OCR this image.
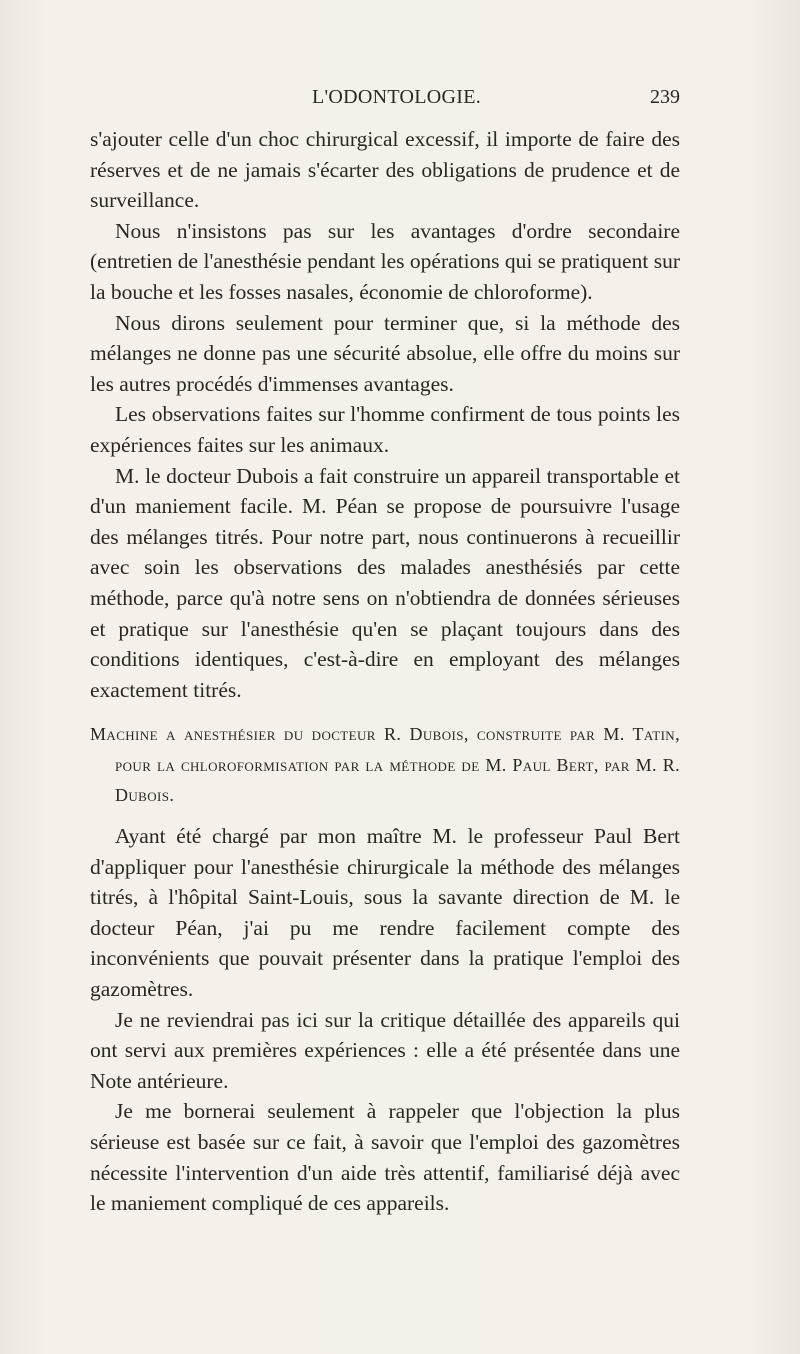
L'ODONTOLOGIE.	239

s'ajouter celle d'un choc chirurgical excessif, il importe de faire des réserves et de ne jamais s'écarter des obligations de prudence et de surveillance.

Nous n'insistons pas sur les avantages d'ordre secondaire (entretien de l'anesthésie pendant les opérations qui se pratiquent sur la bouche et les fosses nasales, économie de chloroforme).

Nous dirons seulement pour terminer que, si la méthode des mélanges ne donne pas une sécurité absolue, elle offre du moins sur les autres procédés d'immenses avantages.

Les observations faites sur l'homme confirment de tous points les expériences faites sur les animaux.

M. le docteur Dubois a fait construire un appareil transportable et d'un maniement facile. M. Péan se propose de poursuivre l'usage des mélanges titrés. Pour notre part, nous continuerons à recueillir avec soin les observations des malades anesthésiés par cette méthode, parce qu'à notre sens on n'obtiendra de données sérieuses et pratique sur l'anesthésie qu'en se plaçant toujours dans des conditions identiques, c'est-à-dire en employant des mélanges exactement titrés.

Machine a anesthésier du docteur R. Dubois, construite par M. Tatin, pour la chloroformisation par la méthode de M. Paul Bert, par M. R. Dubois.

Ayant été chargé par mon maître M. le professeur Paul Bert d'appliquer pour l'anesthésie chirurgicale la méthode des mélanges titrés, à l'hôpital Saint-Louis, sous la savante direction de M. le docteur Péan, j'ai pu me rendre facilement compte des inconvénients que pouvait présenter dans la pratique l'emploi des gazomètres.

Je ne reviendrai pas ici sur la critique détaillée des appareils qui ont servi aux premières expériences : elle a été présentée dans une Note antérieure.

Je me bornerai seulement à rappeler que l'objection la plus sérieuse est basée sur ce fait, à savoir que l'emploi des gazomètres nécessite l'intervention d'un aide très attentif, familiarisé déjà avec le maniement compliqué de ces appareils.
